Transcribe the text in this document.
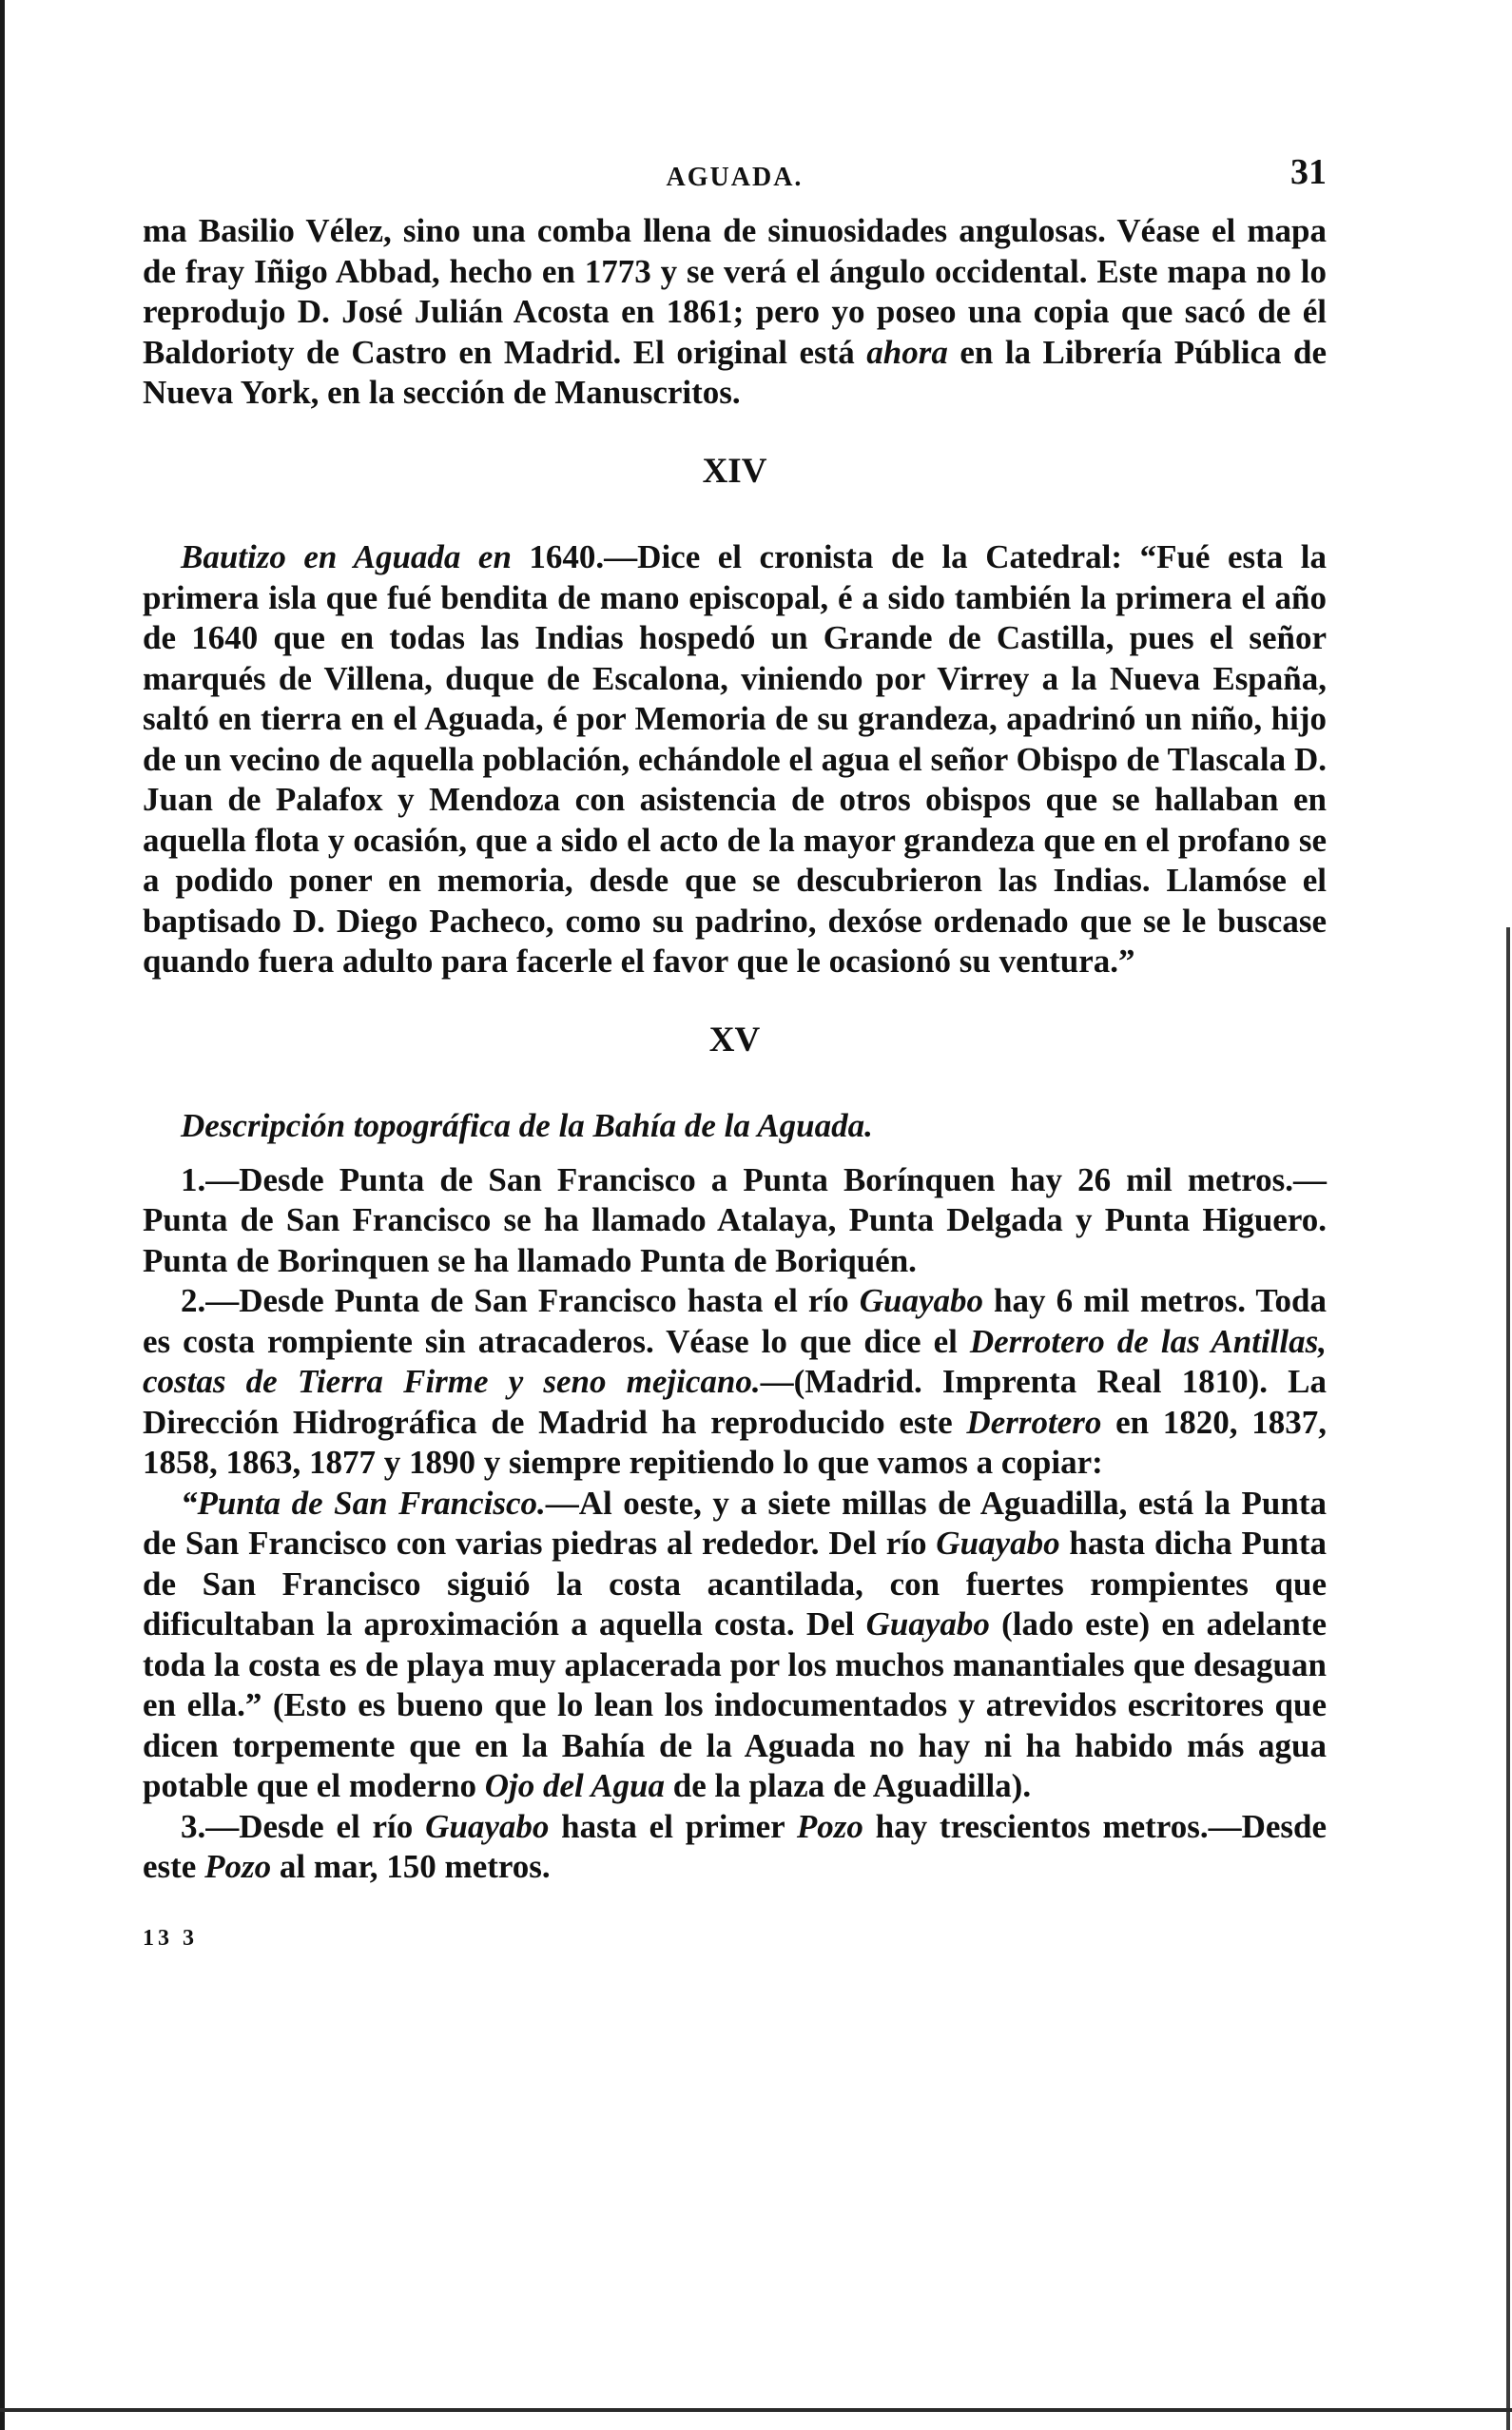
AGUADA.	31

ma Basilio Vélez, sino una comba llena de sinuosidades angulosas. Véase el mapa de fray Iñigo Abbad, hecho en 1773 y se verá el ángulo occidental. Este mapa no lo reprodujo D. José Julián Acosta en 1861; pero yo poseo una copia que sacó de él Baldorioty de Castro en Madrid. El original está ahora en la Librería Pública de Nueva York, en la sección de Manuscritos.

XIV

Bautizo en Aguada en 1640.—Dice el cronista de la Catedral: “Fué esta la primera isla que fué bendita de mano episcopal, é a sido también la primera el año de 1640 que en todas las Indias hospedó un Grande de Castilla, pues el señor marqués de Villena, duque de Escalona, viniendo por Virrey a la Nueva España, saltó en tierra en el Aguada, é por Memoria de su grandeza, apadrinó un niño, hijo de un vecino de aquella población, echándole el agua el señor Obispo de Tlascala D. Juan de Palafox y Mendoza con asistencia de otros obispos que se hallaban en aquella flota y ocasión, que a sido el acto de la mayor grandeza que en el profano se a podido poner en memoria, desde que se descubrieron las Indias. Llamóse el baptisado D. Diego Pacheco, como su padrino, dexóse ordenado que se le buscase quando fuera adulto para facerle el favor que le ocasionó su ventura.”

XV

Descripción topográfica de la Bahía de la Aguada.

1.—Desde Punta de San Francisco a Punta Borínquen hay 26 mil metros.—Punta de San Francisco se ha llamado Atalaya, Punta Delgada y Punta Higuero. Punta de Borinquen se ha llamado Punta de Boriquén.

2.—Desde Punta de San Francisco hasta el río Guayabo hay 6 mil metros. Toda es costa rompiente sin atracaderos. Véase lo que dice el Derrotero de las Antillas, costas de Tierra Firme y seno mejicano.—(Madrid. Imprenta Real 1810). La Dirección Hidrográfica de Madrid ha reproducido este Derrotero en 1820, 1837, 1858, 1863, 1877 y 1890 y siempre repitiendo lo que vamos a copiar:

“Punta de San Francisco.—Al oeste, y a siete millas de Aguadilla, está la Punta de San Francisco con varias piedras al rededor. Del río Guayabo hasta dicha Punta de San Francisco siguió la costa acantilada, con fuertes rompientes que dificultaban la aproximación a aquella costa. Del Guayabo (lado este) en adelante toda la costa es de playa muy aplacerada por los muchos manantiales que desaguan en ella.” (Esto es bueno que lo lean los indocumentados y atrevidos escritores que dicen torpemente que en la Bahía de la Aguada no hay ni ha habido más agua potable que el moderno Ojo del Agua de la plaza de Aguadilla).

3.—Desde el río Guayabo hasta el primer Pozo hay trescientos metros.—Desde este Pozo al mar, 150 metros.

13 3
